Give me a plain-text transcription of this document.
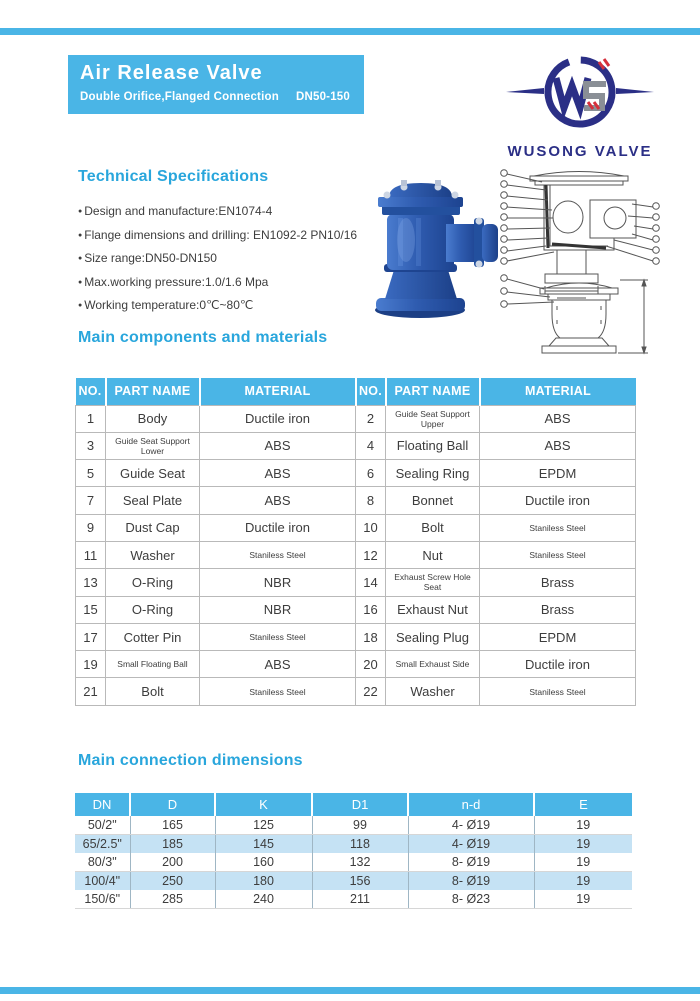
Air Release Valve
Double Orifice,Flanged Connection DN50-150
WUSONG VALVE
Technical Specifications
● Design and manufacture:EN1074-4
● Flange dimensions and drilling: EN1092-2 PN10/16
● Size range:DN50-DN150
● Max.working pressure:1.0/1.6 Mpa
● Working temperature:0℃~80℃
Main components and materials
NO.	PART NAME	MATERIAL	NO.	PART NAME	MATERIAL
1	Body	Ductile iron	2	Guide Seat Support Upper	ABS
3	Guide Seat Support Lower	ABS	4	Floating Ball	ABS
5	Guide Seat	ABS	6	Sealing Ring	EPDM
7	Seal Plate	ABS	8	Bonnet	Ductile iron
9	Dust Cap	Ductile iron	10	Bolt	Staniless Steel
11	Washer	Staniless Steel	12	Nut	Staniless Steel
13	O-Ring	NBR	14	Exhaust Screw Hole Seat	Brass
15	O-Ring	NBR	16	Exhaust Nut	Brass
17	Cotter Pin	Staniless Steel	18	Sealing Plug	EPDM
19	Small Floating Ball	ABS	20	Small Exhaust Side	Ductile iron
21	Bolt	Staniless Steel	22	Washer	Staniless Steel
Main connection dimensions
DN	D	K	D1	n-d	E
50/2"	165	125	99	4- Ø19	19
65/2.5"	185	145	118	4- Ø19	19
80/3"	200	160	132	8- Ø19	19
100/4"	250	180	156	8- Ø19	19
150/6"	285	240	211	8- Ø23	19
